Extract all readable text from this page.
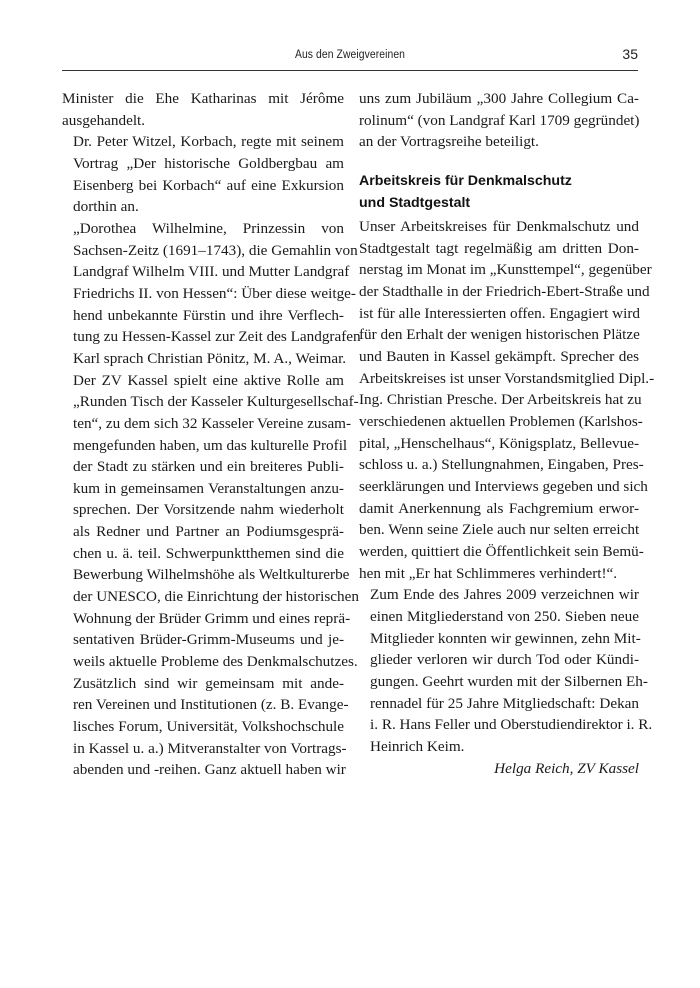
Aus den Zweigvereinen	35

Minister die Ehe Katharinas mit Jérôme
ausgehandelt.

Dr. Peter Witzel, Korbach, regte mit seinem
Vortrag „Der historische Goldbergbau am
Eisenberg bei Korbach“ auf eine Exkursion
dorthin an.

„Dorothea Wilhelmine, Prinzessin von
Sachsen-Zeitz (1691–1743), die Gemahlin von
Landgraf Wilhelm VIII. und Mutter Landgraf
Friedrichs II. von Hessen“: Über diese weitge-
hend unbekannte Fürstin und ihre Verflech-
tung zu Hessen-Kassel zur Zeit des Landgrafen
Karl sprach Christian Pönitz, M. A., Weimar.

Der ZV Kassel spielt eine aktive Rolle am
„Runden Tisch der Kasseler Kulturgesellschaf-
ten“, zu dem sich 32 Kasseler Vereine zusam-
mengefunden haben, um das kulturelle Profil
der Stadt zu stärken und ein breiteres Publi-
kum in gemeinsamen Veranstaltungen anzu-
sprechen. Der Vorsitzende nahm wiederholt
als Redner und Partner an Podiumsgesprä-
chen u. ä. teil. Schwerpunktthemen sind die
Bewerbung Wilhelmshöhe als Weltkulturerbe
der UNESCO, die Einrichtung der historischen
Wohnung der Brüder Grimm und eines reprä-
sentativen Brüder-Grimm-Museums und je-
weils aktuelle Probleme des Denkmalschutzes.

Zusätzlich sind wir gemeinsam mit ande-
ren Vereinen und Institutionen (z. B. Evange-
lisches Forum, Universität, Volkshochschule
in Kassel u. a.) Mitveranstalter von Vortrags-
abenden und -reihen. Ganz aktuell haben wir

uns zum Jubiläum „300 Jahre Collegium Ca-
rolinum“ (von Landgraf Karl 1709 gegründet)
an der Vortragsreihe beteiligt.

Arbeitskreis für Denkmalschutz
und Stadtgestalt

Unser Arbeitskreises für Denkmalschutz und
Stadtgestalt tagt regelmäßig am dritten Don-
nerstag im Monat im „Kunsttempel“, gegenüber
der Stadthalle in der Friedrich-Ebert-Straße und
ist für alle Interessierten offen. Engagiert wird
für den Erhalt der wenigen historischen Plätze
und Bauten in Kassel gekämpft. Sprecher des
Arbeitskreises ist unser Vorstandsmitglied Dipl.-
Ing. Christian Presche. Der Arbeitskreis hat zu
verschiedenen aktuellen Problemen (Karlshos-
pital, „Henschelhaus“, Königsplatz, Bellevue-
schloss u. a.) Stellungnahmen, Eingaben, Pres-
seerklärungen und Interviews gegeben und sich
damit Anerkennung als Fachgremium erwor-
ben. Wenn seine Ziele auch nur selten erreicht
werden, quittiert die Öffentlichkeit sein Bemü-
hen mit „Er hat Schlimmeres verhindert!“.

Zum Ende des Jahres 2009 verzeichnen wir
einen Mitgliederstand von 250. Sieben neue
Mitglieder konnten wir gewinnen, zehn Mit-
glieder verloren wir durch Tod oder Kündi-
gungen. Geehrt wurden mit der Silbernen Eh-
rennadel für 25 Jahre Mitgliedschaft: Dekan
i. R. Hans Feller und Oberstudiendirektor i. R.
Heinrich Keim.

Helga Reich, ZV Kassel
